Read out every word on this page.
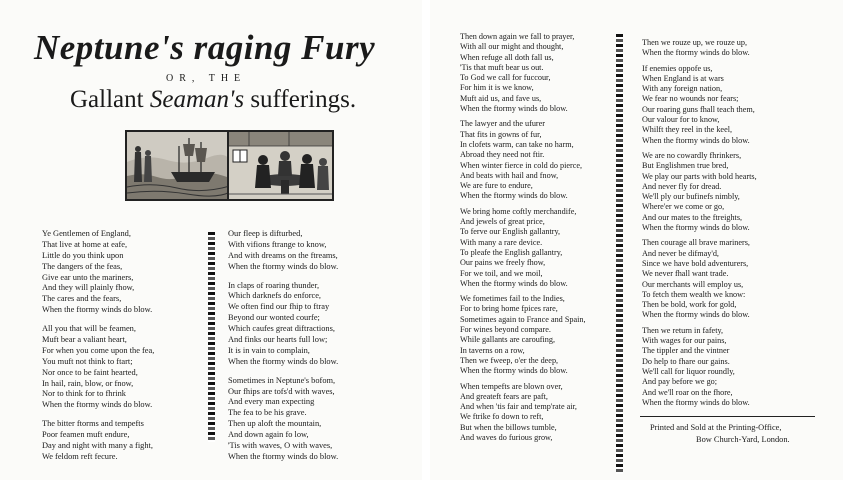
Neptune's raging Fury
OR, THE
Gallant Seaman's sufferings.
Ye Gentlemen of England,
That live at home at eafe,
Little do you think upon
The dangers of the feas,
Give ear unto the mariners,
And they will plainly fhow,
The cares and the fears,
When the ftormy winds do blow.
All you that will be feamen,
Muft bear a valiant heart,
For when you come upon the fea,
You muft not think to ftart;
Nor once to be faint hearted,
In hail, rain, blow, or fnow,
Nor to think for to fhrink
When the ftormy winds do blow.
The bitter ftorms and tempefts
Poor feamen muft endure,
Day and night with many a fight,
We feldom reft fecure.
Our fleep is difturbed,
With vifions ftrange to know,
And with dreams on the ftreams,
When the ftormy winds do blow.
In claps of roaring thunder,
Which darknefs do enforce,
We often find our fhip to ftray
Beyond our wonted courfe;
Which caufes great diftractions,
And finks our hearts full low;
It is in vain to complain,
When the ftormy winds do blow.
Sometimes in Neptune's bofom,
Our fhips are tofs'd with waves,
And every man expecting
The fea to be his grave.
Then up aloft the mountain,
And down again fo low,
'Tis with waves, O with waves,
When the ftormy winds do blow.
Then down again we fall to prayer,
With all our might and thought,
When refuge all doth fall us,
'Tis that muft bear us out.
To God we call for fuccour,
For him it is we know,
Muft aid us, and fave us,
When the ftormy winds do blow.
The lawyer and the ufurer
That fits in gowns of fur,
In clofets warm, can take no harm,
Abroad they need not ftir.
When winter fierce in cold do pierce,
And beats with hail and fnow,
We are fure to endure,
When the ftormy winds do blow.
We bring home coftly merchandife,
And jewels of great price,
To ferve our English gallantry,
With many a rare device.
To pleafe the English gallantry,
Our pains we freely fhow,
For we toil, and we moil,
When the ftormy winds do blow.
We fometimes fail to the Indies,
For to bring home fpices rare,
Sometimes again to France and Spain,
For wines beyond compare.
While gallants are caroufing,
In taverns on a row,
Then we fweep, o'er the deep,
When the ftormy winds do blow.
When tempefts are blown over,
And greateft fears are paft,
And when 'tis fair and temp'rate air,
We ftrike fo down to reft,
But when the billows tumble,
And waves do furious grow,
Then we rouze up, we rouze up,
When the ftormy winds do blow.
If enemies oppofe us,
When England is at wars
With any foreign nation,
We fear no wounds nor fears;
Our roaring guns fhall teach them,
Our valour for to know,
Whilft they reel in the keel,
When the ftormy winds do blow.
We are no cowardly fhrinkers,
But Englishmen true bred,
We play our parts with bold hearts,
And never fly for dread.
We'll ply our bufinefs nimbly,
Where'er we come or go,
And our mates to the ftreights,
When the ftormy winds do blow.
Then courage all brave mariners,
And never be difmay'd,
Since we have bold adventurers,
We never fhall want trade.
Our merchants will employ us,
To fetch them wealth we know:
Then be bold, work for gold,
When the ftormy winds do blow.
Then we return in fafety,
With wages for our pains,
The tippler and the vintner
Do help to fhare our gains.
We'll call for liquor roundly,
And pay before we go;
And we'll roar on the fhore,
When the ftormy winds do blow.
Printed and Sold at the Printing-Office,
Bow Church-Yard, London.
